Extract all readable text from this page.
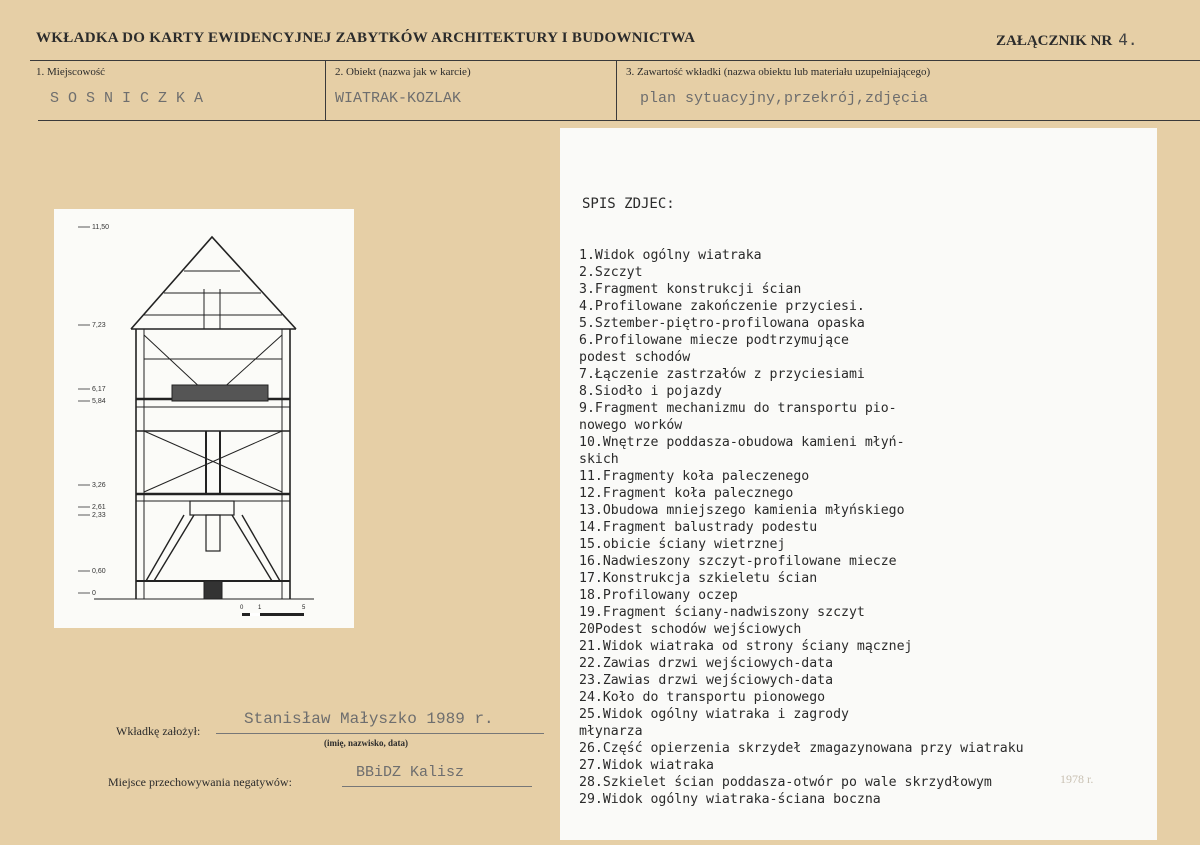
WKŁADKA DO KARTY EWIDENCYJNEJ ZABYTKÓW ARCHITEKTURY I BUDOWNICTWA	ZAŁĄCZNIK NR 4.
1. Miejscowość
S O S N I C Z K A
2. Obiekt (nazwa jak w karcie)
WIATRAK-KOZLAK
3. Zawartość wkładki (nazwa obiektu lub materiału uzupełniającego)
plan sytuacyjny,przekrój,zdjęcia
11,50
7,23
6,17
5,84
3,26
2,61
2,33
0,60
0
0 1	5
Wkładkę założył:
Stanisław Małyszko 1989 r.
(imię, nazwisko, data)
Miejsce przechowywania negatywów:
BBiDZ Kalisz	1978 r.
SPIS ZDJEC:
1.Widok ogólny wiatraka
2.Szczyt
3.Fragment konstrukcji ścian
4.Profilowane zakończenie przyciesi.
5.Sztember-piętro-profilowana opaska
6.Profilowane miecze podtrzymujące
podest schodów
7.Łączenie zastrzałów z przyciesiami
8.Siodło i pojazdy
9.Fragment mechanizmu do transportu pio-
nowego worków
10.Wnętrze poddasza-obudowa kamieni młyń-
skich
11.Fragmenty koła paleczenego
12.Fragment koła palecznego
13.Obudowa mniejszego kamienia młyńskiego
14.Fragment balustrady podestu
15.obicie ściany wietrznej
16.Nadwieszony szczyt-profilowane miecze
17.Konstrukcja szkieletu ścian
18.Profilowany oczep
19.Fragment ściany-nadwiszony szczyt
20Podest schodów wejściowych
21.Widok wiatraka od strony ściany mącznej
22.Zawias drzwi wejściowych-data
23.Zawias drzwi wejściowych-data
24.Koło do transportu pionowego
25.Widok ogólny wiatraka i zagrody
młynarza
26.Część opierzenia skrzydeł zmagazynowana przy wiatraku
27.Widok wiatraka
28.Szkielet ścian poddasza-otwór po wale skrzydłowym
29.Widok ogólny wiatraka-ściana boczna
